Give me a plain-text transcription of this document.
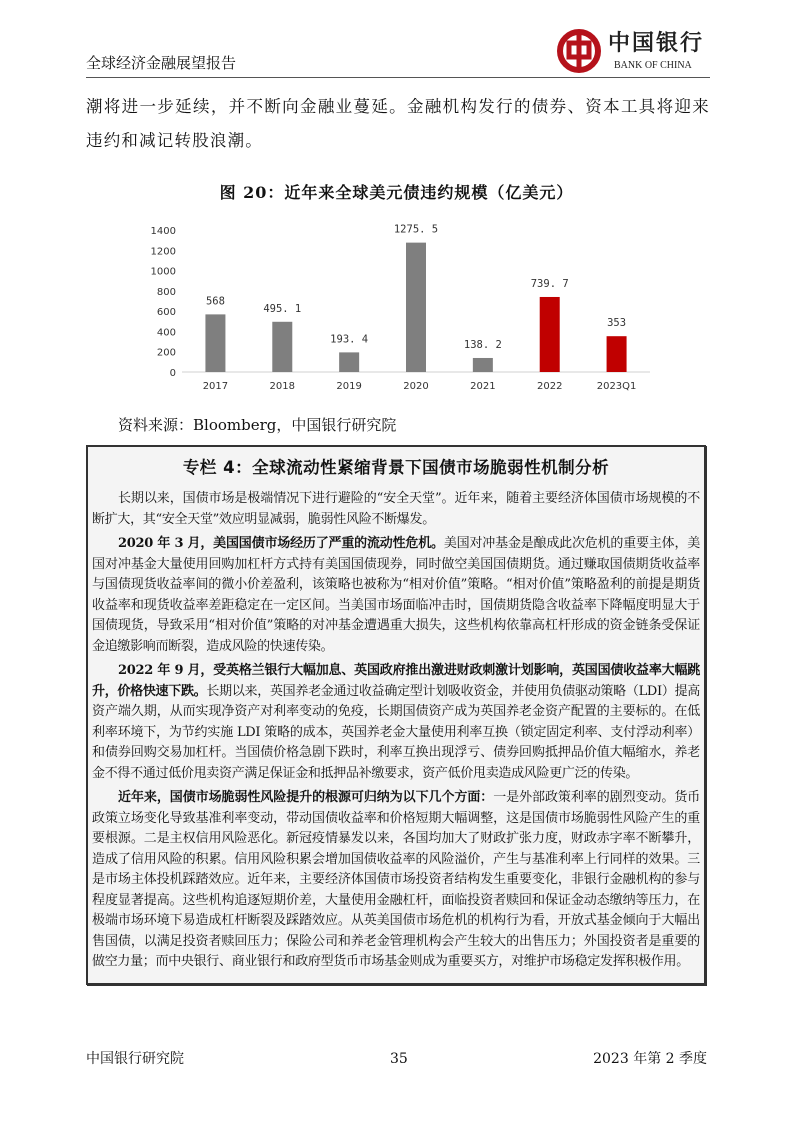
全球经济金融展望报告
中国银行
BANK OF CHINA
潮将进一步延续，并不断向金融业蔓延。金融机构发行的债券、资本工具将迎来违约和减记转股浪潮。
图 20：近年来全球美元债违约规模（亿美元）
0
200
400
600
800
1000
1200
1400
568
2017
495. 1
2018
193. 4
2019
1275. 5
2020
138. 2
2021
739. 7
2022
353
2023Q1
资料来源：Bloomberg，中国银行研究院
专栏 4：全球流动性紧缩背景下国债市场脆弱性机制分析

长期以来，国债市场是极端情况下进行避险的“安全天堂”。近年来，随着主要经济体国债市场规模的不断扩大，其“安全天堂”效应明显减弱，脆弱性风险不断爆发。

2020 年 3 月，美国国债市场经历了严重的流动性危机。美国对冲基金是酿成此次危机的重要主体，美国对冲基金大量使用回购加杠杆方式持有美国国债现券，同时做空美国国债期货。通过赚取国债期货收益率与国债现货收益率间的微小价差盈利，该策略也被称为“相对价值”策略。“相对价值”策略盈利的前提是期货收益率和现货收益率差距稳定在一定区间。当美国市场面临冲击时，国债期货隐含收益率下降幅度明显大于国债现货，导致采用“相对价值”策略的对冲基金遭遇重大损失，这些机构依靠高杠杆形成的资金链条受保证金追缴影响而断裂，造成风险的快速传染。

2022 年 9 月，受英格兰银行大幅加息、英国政府推出激进财政刺激计划影响，英国国债收益率大幅跳升，价格快速下跌。长期以来，英国养老金通过收益确定型计划吸收资金，并使用负债驱动策略（LDI）提高资产端久期，从而实现净资产对利率变动的免疫，长期国债资产成为英国养老金资产配置的主要标的。在低利率环境下，为节约实施 LDI 策略的成本，英国养老金大量使用利率互换（锁定固定利率、支付浮动利率）和债券回购交易加杠杆。当国债价格急剧下跌时，利率互换出现浮亏、债券回购抵押品价值大幅缩水，养老金不得不通过低价甩卖资产满足保证金和抵押品补缴要求，资产低价甩卖造成风险更广泛的传染。

近年来，国债市场脆弱性风险提升的根源可归纳为以下几个方面：一是外部政策利率的剧烈变动。货币政策立场变化导致基准利率变动，带动国债收益率和价格短期大幅调整，这是国债市场脆弱性风险产生的重要根源。二是主权信用风险恶化。新冠疫情暴发以来，各国均加大了财政扩张力度，财政赤字率不断攀升，造成了信用风险的积累。信用风险积累会增加国债收益率的风险溢价，产生与基准利率上行同样的效果。三是市场主体投机踩踏效应。近年来，主要经济体国债市场投资者结构发生重要变化，非银行金融机构的参与程度显著提高。这些机构追逐短期价差，大量使用金融杠杆，面临投资者赎回和保证金动态缴纳等压力，在极端市场环境下易造成杠杆断裂及踩踏效应。从英美国债市场危机的机构行为看，开放式基金倾向于大幅出售国债，以满足投资者赎回压力；保险公司和养老金管理机构会产生较大的出售压力；外国投资者是重要的做空力量；而中央银行、商业银行和政府型货币市场基金则成为重要买方，对维护市场稳定发挥积极作用。

中国银行研究院	35	2023 年第 2 季度
